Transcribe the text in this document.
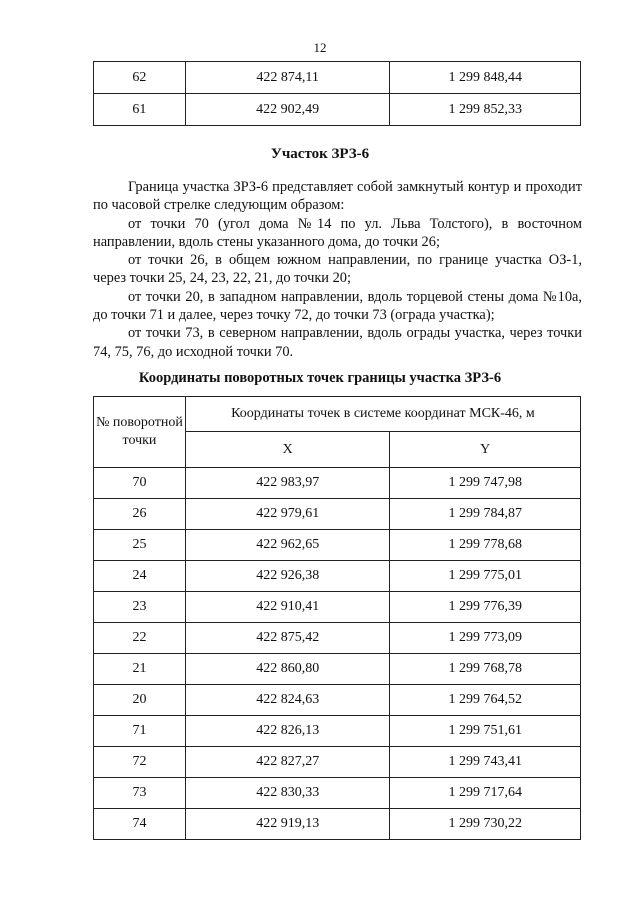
12
62	422 874,11	1 299 848,44
61	422 902,49	1 299 852,33
Участок ЗРЗ-6

Граница участка ЗРЗ-6 представляет собой замкнутый контур и проходит по часовой стрелке следующим образом:

от точки 70 (угол дома №14 по ул. Льва Толстого), в восточном направлении, вдоль стены указанного дома, до точки 26;

от точки 26, в общем южном направлении, по границе участка ОЗ-1, через точки 25, 24, 23, 22, 21, до точки 20;

от точки 20, в западном направлении, вдоль торцевой стены дома №10а, до точки 71 и далее, через точку 72, до точки 73 (ограда участка);

от точки 73, в северном направлении, вдоль ограды участка, через точки 74, 75, 76, до исходной точки 70.

Координаты поворотных точек границы участка ЗРЗ-6
№ поворотной точки	Координаты точек в системе координат МСК-46, м	
	X	Y
70	422 983,97	1 299 747,98
26	422 979,61	1 299 784,87
25	422 962,65	1 299 778,68
24	422 926,38	1 299 775,01
23	422 910,41	1 299 776,39
22	422 875,42	1 299 773,09
21	422 860,80	1 299 768,78
20	422 824,63	1 299 764,52
71	422 826,13	1 299 751,61
72	422 827,27	1 299 743,41
73	422 830,33	1 299 717,64
74	422 919,13	1 299 730,22
